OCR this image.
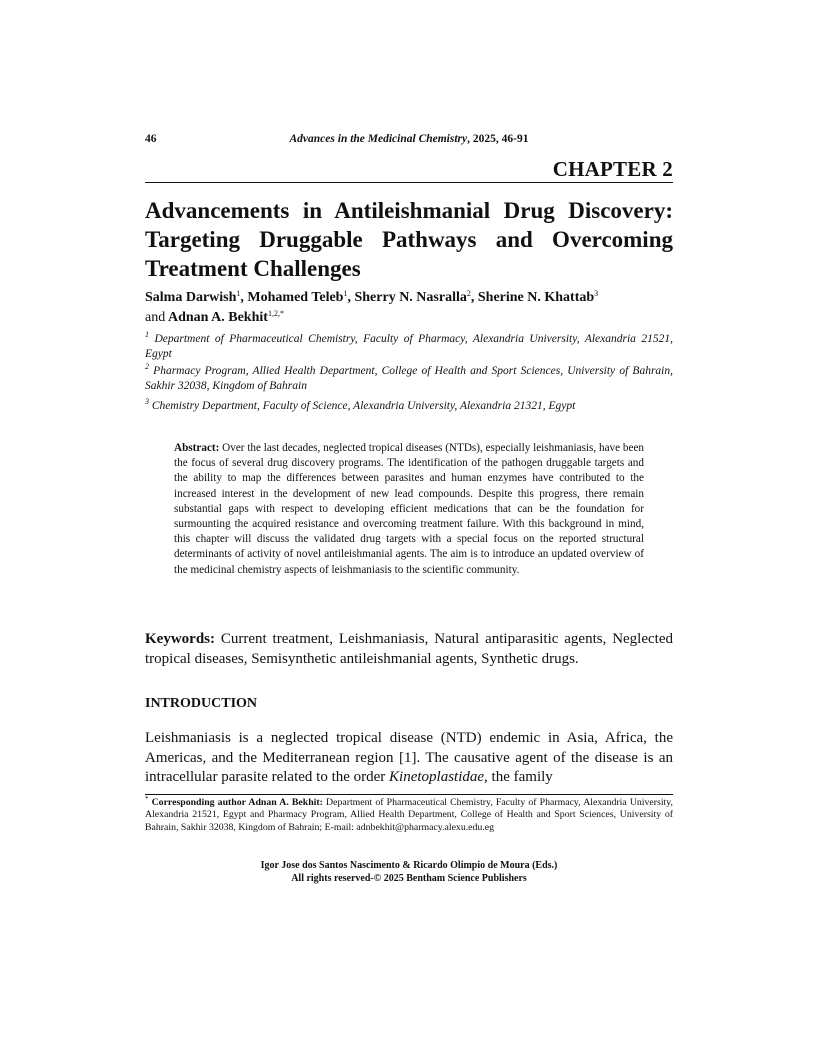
46	Advances in the Medicinal Chemistry, 2025, 46-91
CHAPTER 2
Advancements in Antileishmanial Drug Discovery: Targeting Druggable Pathways and Overcoming Treatment Challenges
Salma Darwish$^1$, Mohamed Teleb$^1$, Sherry N. Nasralla$^2$, Sherine N. Khattab$^3$
and Adnan A. Bekhit$^{1,2,*}$
$^1$ Department of Pharmaceutical Chemistry, Faculty of Pharmacy, Alexandria University, Alexandria 21521, Egypt
$^2$ Pharmacy Program, Allied Health Department, College of Health and Sport Sciences, University of Bahrain, Sakhir 32038, Kingdom of Bahrain
$^3$ Chemistry Department, Faculty of Science, Alexandria University, Alexandria 21321, Egypt
Abstract: Over the last decades, neglected tropical diseases (NTDs), especially leishmaniasis, have been the focus of several drug discovery programs. The identification of the pathogen druggable targets and the ability to map the differences between parasites and human enzymes have contributed to the increased interest in the development of new lead compounds. Despite this progress, there remain substantial gaps with respect to developing efficient medications that can be the foundation for surmounting the acquired resistance and overcoming treatment failure. With this background in mind, this chapter will discuss the validated drug targets with a special focus on the reported structural determinants of activity of novel antileishmanial agents. The aim is to introduce an updated overview of the medicinal chemistry aspects of leishmaniasis to the scientific community.
Keywords: Current treatment, Leishmaniasis, Natural antiparasitic agents, Neglected tropical diseases, Semisynthetic antileishmanial agents, Synthetic drugs.
INTRODUCTION
Leishmaniasis is a neglected tropical disease (NTD) endemic in Asia, Africa, the Americas, and the Mediterranean region [1]. The causative agent of the disease is an intracellular parasite related to the order Kinetoplastidae, the family
* Corresponding author Adnan A. Bekhit: Department of Pharmaceutical Chemistry, Faculty of Pharmacy, Alexandria University, Alexandria 21521, Egypt and Pharmacy Program, Allied Health Department, College of Health and Sport Sciences, University of Bahrain, Sakhir 32038, Kingdom of Bahrain; E-mail: adnbekhit@pharmacy.alexu.edu.eg
Igor Jose dos Santos Nascimento & Ricardo Olimpio de Moura (Eds.)
All rights reserved-© 2025 Bentham Science Publishers
